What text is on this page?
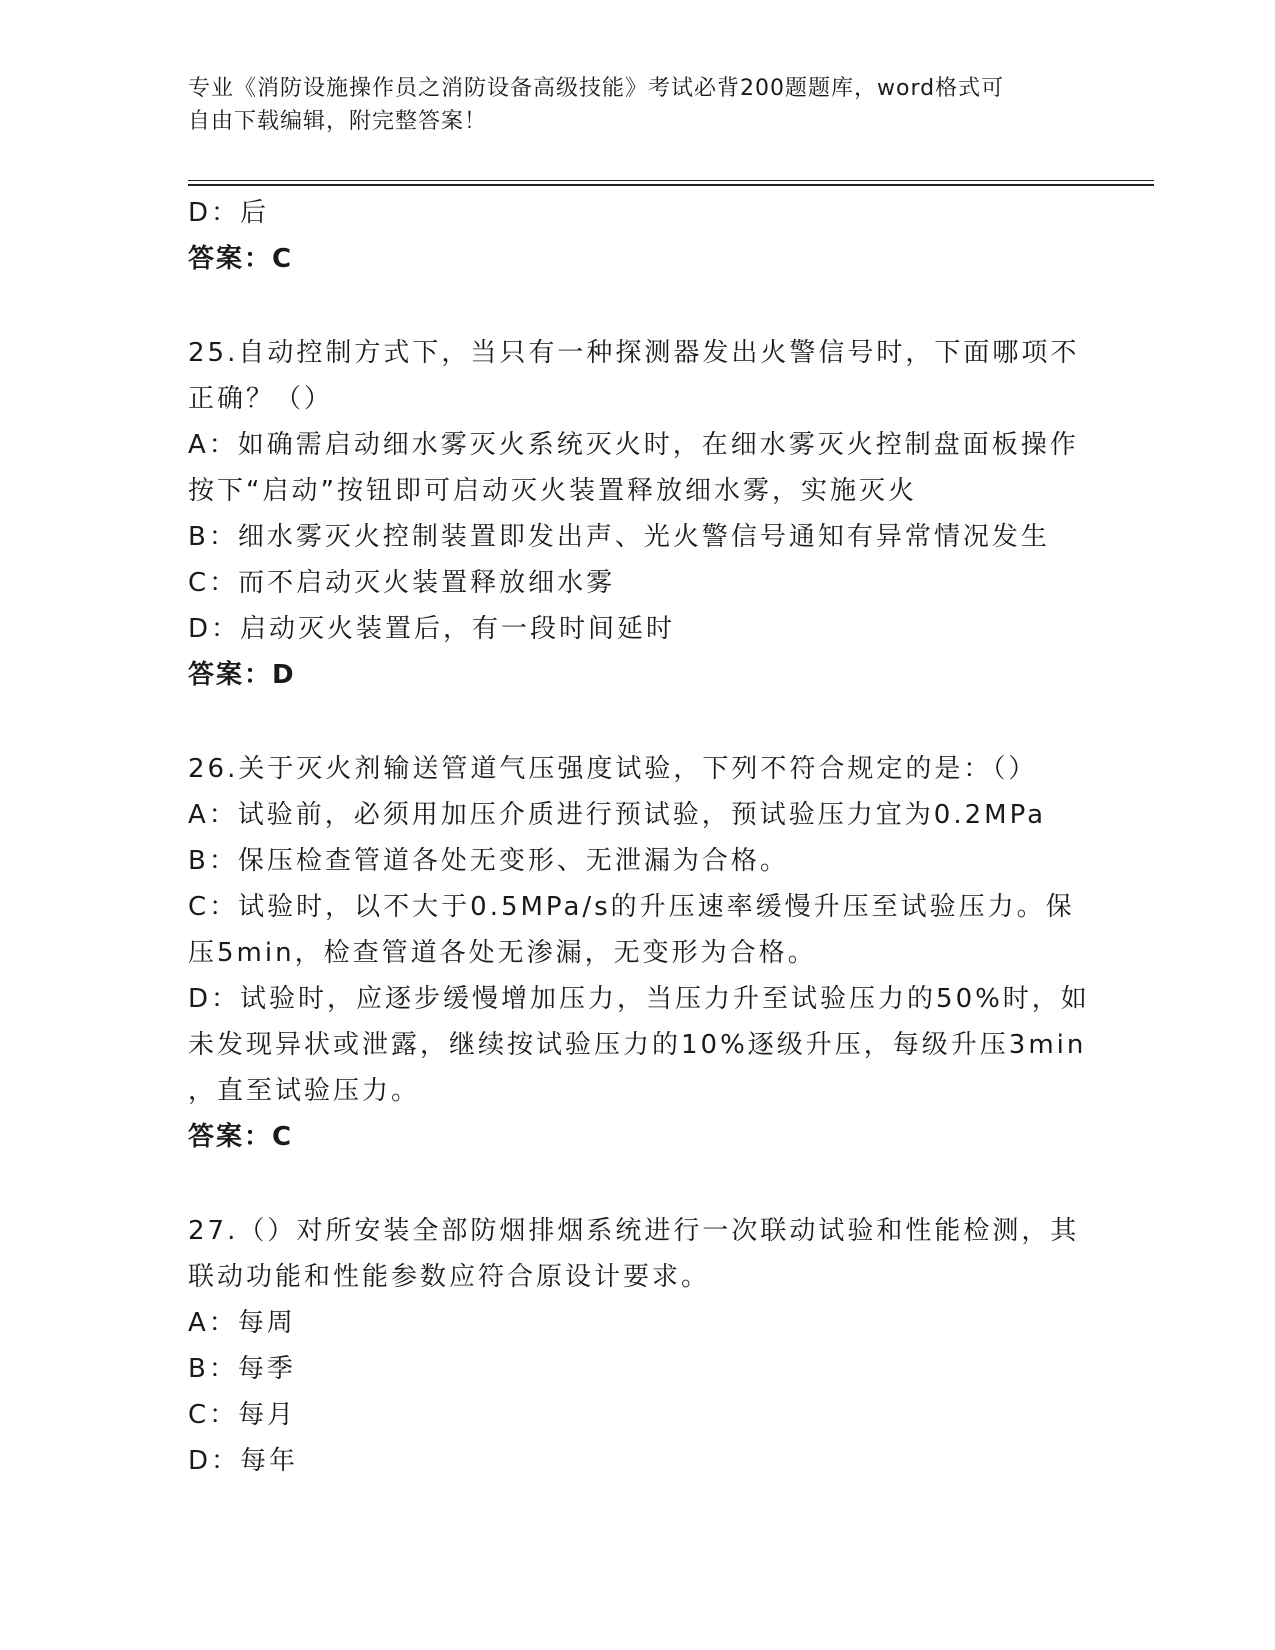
专业《消防设施操作员之消防设备高级技能》考试必背200题题库，word格式可
自由下载编辑，附完整答案！
D：后
答案：C
25.自动控制方式下，当只有一种探测器发出火警信号时，下面哪项不
正确？（）
A：如确需启动细水雾灭火系统灭火时，在细水雾灭火控制盘面板操作
按下“启动”按钮即可启动灭火装置释放细水雾，实施灭火
B：细水雾灭火控制装置即发出声、光火警信号通知有异常情况发生
C：而不启动灭火装置释放细水雾
D：启动灭火装置后，有一段时间延时
答案：D
26.关于灭火剂输送管道气压强度试验，下列不符合规定的是：（）
A：试验前，必须用加压介质进行预试验，预试验压力宜为0.2MPa
B：保压检查管道各处无变形、无泄漏为合格。
C：试验时，以不大于0.5MPa/s的升压速率缓慢升压至试验压力。保
压5min，检查管道各处无渗漏，无变形为合格。
D：试验时，应逐步缓慢增加压力，当压力升至试验压力的50%时，如
未发现异状或泄露，继续按试验压力的10%逐级升压，每级升压3min
，直至试验压力。
答案：C
27.（）对所安装全部防烟排烟系统进行一次联动试验和性能检测，其
联动功能和性能参数应符合原设计要求。
A：每周
B：每季
C：每月
D：每年
